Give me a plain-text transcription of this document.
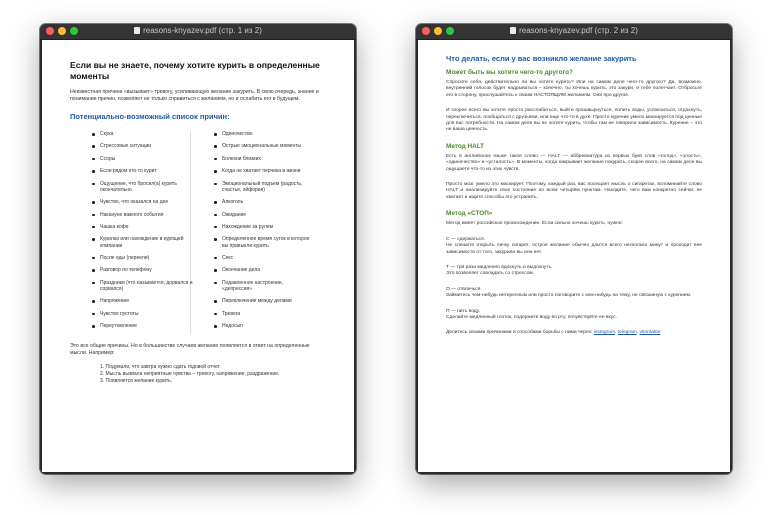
reasons-knyazev.pdf (стр. 1 из 2)
Если вы не знаете, почему хотите курить в определенные моменты
Неизвестная причина «вызывает» тревогу, усиливающую желание закурить. В свою очередь, знание и понимание причин, позволяет не только справиться с желанием, но и ослабить его в будущем.
Потенциально-возможный список причин:
Скука
Стрессовые ситуации
Ссоры
Если рядом кто-то курит
Ощущение, что бросил(а) курить окончательно
Чувство, что оказался на дне
Накануне важного события
Чашка кофе
Курилка или нахождение в курящей компании
После еды (переели)
Разговор по телефону
Праздники (что называется, дорвался и сорвался)
Напряжение
Чувство пустоты
Переутомление
Одиночество
Острые эмоциональные моменты
Болезни близких
Когда не хватает перчика в жизни
Эмоциональный подъем (радость, счастье, эйфория)
Алкоголь
Ожидание
Нахождение за рулем
Определенное время суток в которое вы привыкли курить
Секс
Окончание дела
Подавленное настроение, «депрессия»
Переключение между делами
Тревога
Недосып
Это все общие причины. Но в большинстве случаев желание появляется в ответ на определенные мысли. Например:
1. Подумали, что завтра нужно сдать годовой отчет.
2. Мысль вызвала неприятные чувства – тревогу, напряжение, раздражение.
3. Появляется желание курить.
reasons-knyazev.pdf (стр. 2 из 2)
Что делать, если у вас возникло желание закурить
Может быть вы хотите чего-то другого?
Спросите себя, действительно ли вы хотите курить? Или на самом деле чего-то другого? Да, возможно, внутренний голосок будет надрываться – конечно, ты хочешь курить, это закури, и тебе полегчает. Отбросьте его в сторону, прислушайтесь к своим НАСТОЯЩИМ желаниям. Они про другое.
И скорее всего вы хотите просто расслабиться, выйти прошвырнуться, попить воды, успокоиться, отдохнуть, переключиться, пообщаться с друзьями, или еще что-то в духе. Просто курение умело маскируется под ценные для вас потребности. На самом деле вы не хотите курить, чтобы там не говорила зависимость. Курение – это не ваша ценность.
Метод HALT
Есть в английском языке такое слово — HALT — аббревиатура из первых букв слов «голод», «злость», «одиночество» и «усталость». В моменты, когда накрывает желание покурить, скорее всего, на самом деле вы ощущаете что-то из этих чувств.
Просто мозг умело это маскирует. Поэтому, каждый раз, вас посещает мысль о сигаретах, вспоминайте слово HALT и анализируйте свое состояние по всем четырём пунктам. Находите, чего вам конкретно сейчас не хватает и ищите способы это устранить.
Метод «СТОП»
Метод имеет российское происхождение. Если сильно хочешь курить, нужно:
С — сдержаться.
Не спешите открыть пачку сигарет, острое желание обычно длится всего несколько минут и проходит вне зависимости от того, закурили вы или нет.
Т — три раза медленно вдохнуть и выдохнуть.
Это позволяет совладать со стрессом.
О — отвлечься.
Займитесь чем-нибудь интересным или просто поговорите с кем-нибудь на тему, не связанную с курением.
П — пить воду.
Сделайте медленный глоток, подержите воду во рту, почувствуйте ее вкус.
Делитесь своими причинами и способами борьбы с ними через: instagram, telegram, vkontakte
